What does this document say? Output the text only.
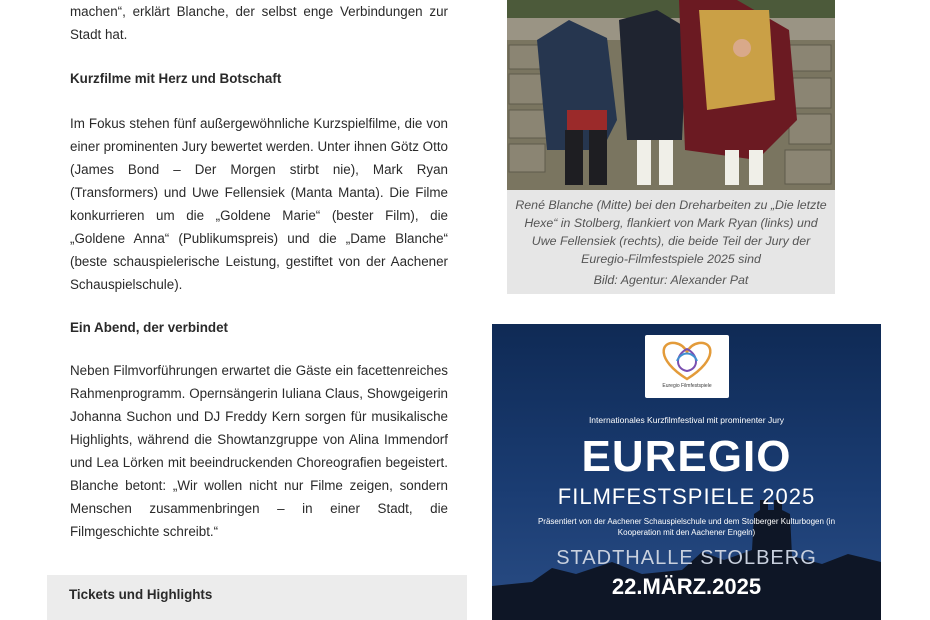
machen“, erklärt Blanche, der selbst enge Verbindungen zur Stadt hat.

Kurzfilme mit Herz und Botschaft

Im Fokus stehen fünf außergewöhnliche Kurzspielfilme, die von einer prominenten Jury bewertet werden. Unter ihnen Götz Otto (James Bond – Der Morgen stirbt nie), Mark Ryan (Transformers) und Uwe Fellensiek (Manta Manta). Die Filme konkurrieren um die „Goldene Marie“ (bester Film), die „Goldene Anna“ (Publikumspreis) und die „Dame Blanche“ (beste schauspielerische Leistung, gestiftet von der Aachener Schauspielschule).

Ein Abend, der verbindet

Neben Filmvorführungen erwartet die Gäste ein facettenreiches Rahmenprogramm. Opernsängerin Iuliana Claus, Showgeigerin Johanna Suchon und DJ Freddy Kern sorgen für musikalische Highlights, während die Showtanzgruppe von Alina Immendorf und Lea Lörken mit beeindruckenden Choreografien begeistert. Blanche betont: „Wir wollen nicht nur Filme zeigen, sondern Menschen zusammenbringen – in einer Stadt, die Filmgeschichte schreibt.“

Tickets und Highlights
René Blanche (Mitte) bei den Dreharbeiten zu „Die letzte Hexe“ in Stolberg, flankiert von Mark Ryan (links) und Uwe Fellensiek (rechts), die beide Teil der Jury der Euregio-Filmfestspiele 2025 sind
Bild: Agentur: Alexander Pat
Euregio Filmfestspiele
Internationales Kurzfilmfestival mit prominenter Jury
EUREGIO
FILMFESTSPIELE 2025
Präsentiert von der Aachener Schauspielschule und dem Stolberger Kulturbogen (in Kooperation mit den Aachener Engeln)
STADTHALLE STOLBERG
22.MÄRZ.2025
